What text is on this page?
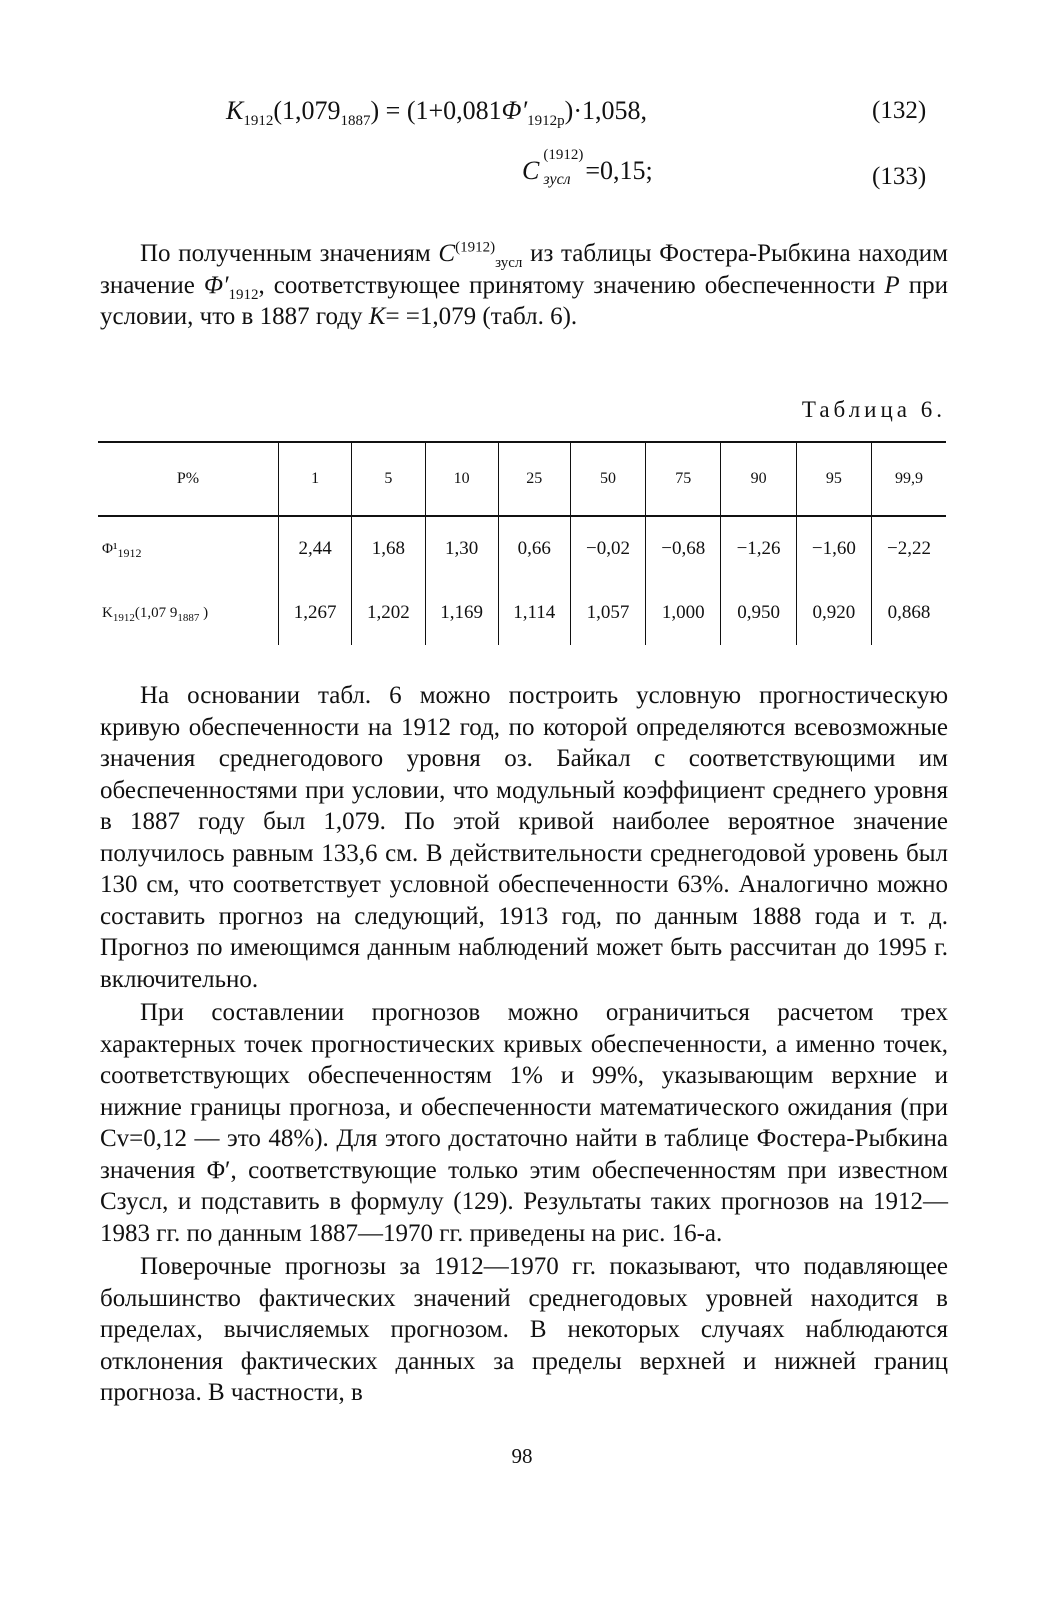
$K_{1912}(1,079_{1887}) = (1+0,081\Phi'_{1912p})\cdot 1,058$,	(132)
C
(1912)
зусл =0,15;	(133)

По полученным значениям $C^{(1912)}_{зусл}$ из таблицы Фостера-Рыбкина находим значение $\Phi'_{1912}$, соответствующее принятому значению обеспеченности P при условии, что в 1887 году K= =1,079 (табл. 6).

Таблица 6.
P%	1	5	10	25	50	75	90	95	99,9
$\Phi^1_{1912}$	2,44	1,68	1,30	0,66	−0,02	−0,68	−1,26	−1,60	−2,22
$K_{1912}(1,07$ $9_{1887}$ )	1,267	1,202	1,169	1,114	1,057	1,000	0,950	0,920	0,868

На основании табл. 6 можно построить условную прогностическую кривую обеспеченности на 1912 год, по которой определяются всевозможные значения среднегодового уровня оз. Байкал с соответствующими им обеспеченностями при условии, что модульный коэффициент среднего уровня в 1887 году был 1,079. По этой кривой наиболее вероятное значение получилось равным 133,6 см. В действительности среднегодовой уровень был 130 см, что соответствует условной обеспеченности 63%. Аналогично можно составить прогноз на следующий, 1913 год, по данным 1888 года и т. д. Прогноз по имеющимся данным наблюдений может быть рассчитан до 1995 г. включительно.

При составлении прогнозов можно ограничиться расчетом трех характерных точек прогностических кривых обеспеченности, а именно точек, соответствующих обеспеченностям 1% и 99%, указывающим верхние и нижние границы прогноза, и обеспеченности математического ожидания (при Cv=0,12 — это 48%). Для этого достаточно найти в таблице Фостера-Рыбкина значения Φ′, соответствующие только этим обеспеченностям при известном Cзусл, и подставить в формулу (129). Результаты таких прогнозов на 1912—1983 гг. по данным 1887—1970 гг. приведены на рис. 16-а.

Поверочные прогнозы за 1912—1970 гг. показывают, что подавляющее большинство фактических значений среднегодовых уровней находится в пределах, вычисляемых прогнозом. В некоторых случаях наблюдаются отклонения фактических данных за пределы верхней и нижней границ прогноза. В частности, в

98
